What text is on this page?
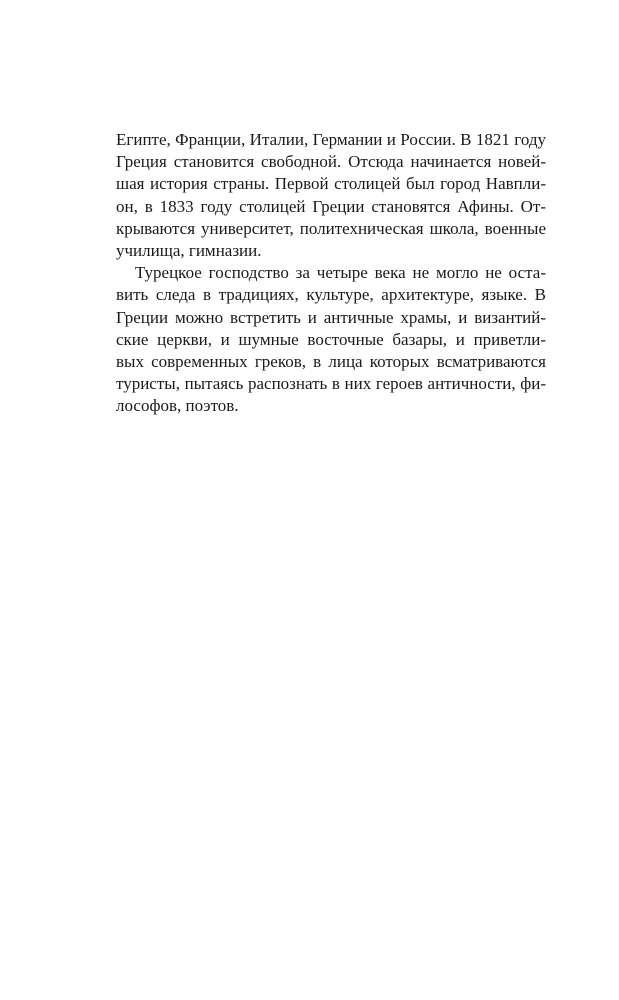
Египте, Франции, Италии, Германии и России. В 1821 году
Греция становится свободной. Отсюда начинается новей-
шая история страны. Первой столицей был город Навпли-
он, в 1833 году столицей Греции становятся Афины. От-
крываются университет, политехническая школа, военные
училища, гимназии.
Турецкое господство за четыре века не могло не оста-
вить следа в традициях, культуре, архитектуре, языке. В
Греции можно встретить и античные храмы, и византий-
ские церкви, и шумные восточные базары, и приветли-
вых современных греков, в лица которых всматриваются
туристы, пытаясь распознать в них героев античности, фи-
лософов, поэтов.
